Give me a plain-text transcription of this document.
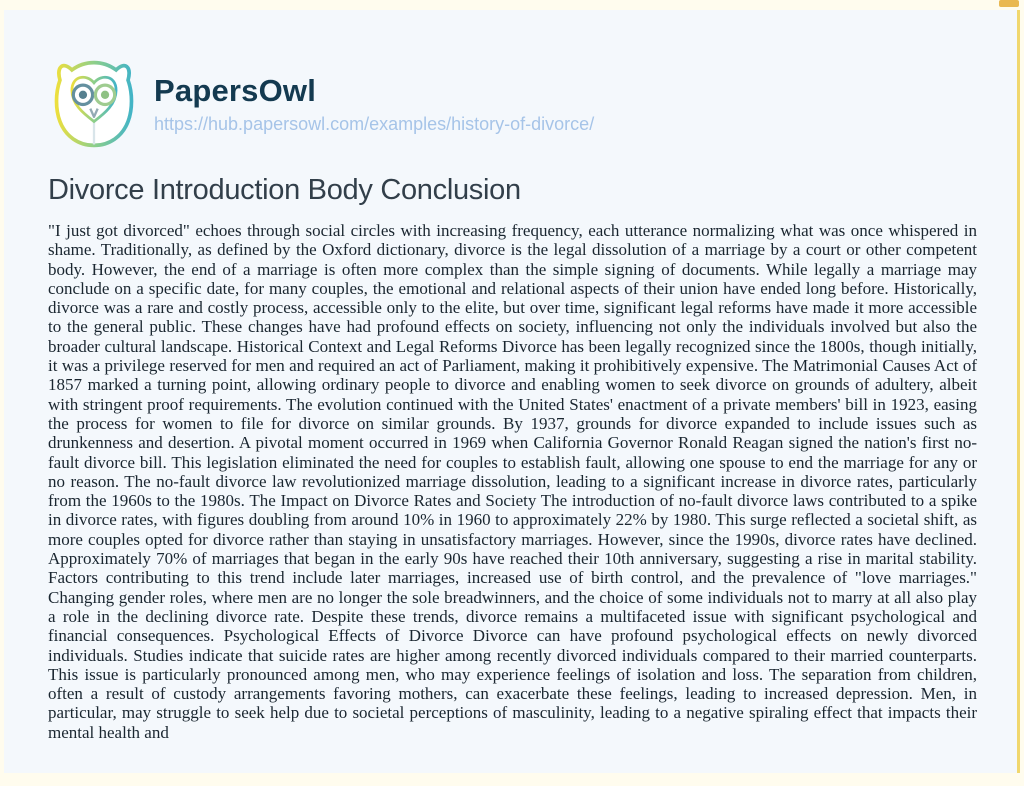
PapersOwl
https://hub.papersowl.com/examples/history-of-divorce/
Divorce Introduction Body Conclusion

"I just got divorced" echoes through social circles with increasing frequency, each utterance normalizing what was once whispered in shame. Traditionally, as defined by the Oxford dictionary, divorce is the legal dissolution of a marriage by a court or other competent body. However, the end of a marriage is often more complex than the simple signing of documents. While legally a marriage may conclude on a specific date, for many couples, the emotional and relational aspects of their union have ended long before. Historically, divorce was a rare and costly process, accessible only to the elite, but over time, significant legal reforms have made it more accessible to the general public. These changes have had profound effects on society, influencing not only the individuals involved but also the broader cultural landscape. Historical Context and Legal Reforms Divorce has been legally recognized since the 1800s, though initially, it was a privilege reserved for men and required an act of Parliament, making it prohibitively expensive. The Matrimonial Causes Act of 1857 marked a turning point, allowing ordinary people to divorce and enabling women to seek divorce on grounds of adultery, albeit with stringent proof requirements. The evolution continued with the United States' enactment of a private members' bill in 1923, easing the process for women to file for divorce on similar grounds. By 1937, grounds for divorce expanded to include issues such as drunkenness and desertion. A pivotal moment occurred in 1969 when California Governor Ronald Reagan signed the nation's first no-fault divorce bill. This legislation eliminated the need for couples to establish fault, allowing one spouse to end the marriage for any or no reason. The no-fault divorce law revolutionized marriage dissolution, leading to a significant increase in divorce rates, particularly from the 1960s to the 1980s. The Impact on Divorce Rates and Society The introduction of no-fault divorce laws contributed to a spike in divorce rates, with figures doubling from around 10% in 1960 to approximately 22% by 1980. This surge reflected a societal shift, as more couples opted for divorce rather than staying in unsatisfactory marriages. However, since the 1990s, divorce rates have declined. Approximately 70% of marriages that began in the early 90s have reached their 10th anniversary, suggesting a rise in marital stability. Factors contributing to this trend include later marriages, increased use of birth control, and the prevalence of "love marriages." Changing gender roles, where men are no longer the sole breadwinners, and the choice of some individuals not to marry at all also play a role in the declining divorce rate. Despite these trends, divorce remains a multifaceted issue with significant psychological and financial consequences. Psychological Effects of Divorce Divorce can have profound psychological effects on newly divorced individuals. Studies indicate that suicide rates are higher among recently divorced individuals compared to their married counterparts. This issue is particularly pronounced among men, who may experience feelings of isolation and loss. The separation from children, often a result of custody arrangements favoring mothers, can exacerbate these feelings, leading to increased depression. Men, in particular, may struggle to seek help due to societal perceptions of masculinity, leading to a negative spiraling effect that impacts their mental health and
